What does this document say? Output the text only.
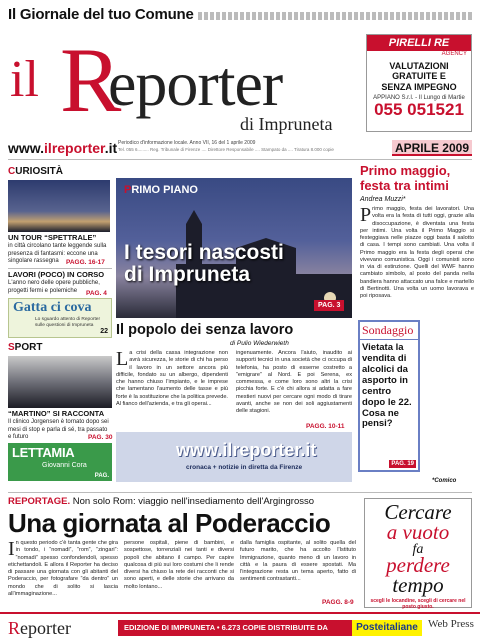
Il Giornale del tuo Comune
il R
eporter
di Impruneta
PIRELLI RE
AGENCY
VALUTAZIONI
GRATUITE E
SENZA IMPEGNO
APPIANO S.r.l. - Il Lungo di Martie
055 051521
www.ilreporter.it Periodico d'informazione locale. Anno VII, 16 del 1 aprile 2009
Tel. 055 6......... Reg. Tribunale di Firenze .... Direttore Responsabile .... Stampato da .... Tiratura 8.000 copie	APRILE 2009
CURIOSITÀ
UN TOUR “SPETTRALE”
in città circolano tante leggende sulla presenza di fantasmi: eccone una singolare rassegna	PAGG. 16-17
LAVORI (POCO) IN CORSO
L'anno nero delle opere pubbliche, progetti fermi e polemiche	PAG. 4
Gatta ci cova
Lo sguardo attento di Reporter sulle questioni di Impruneta
22
SPORT
“MARTINO” SI RACCONTA
Il clinico Jorgensen è tornato dopo sei mesi di stop e parla di sé, tra passato e futuro	PAG. 30
LETTAMIA
Giovanni Cora
PAG.
PRIMO PIANO
I tesori nascosti di Impruneta
PAG. 3
Il popolo dei senza lavoro
di Pulio Wiederwieth
La crisi della cassa integrazione non avrà sicurezza, le storie di chi ha perso il lavoro in un settore ancora più difficile, fondato su un albergo, dipendenti che hanno chiuso l'impianto, e le imprese che lamentano l'aumento delle tasse e più forte è la sostituzione che la politica prevede. Al fianco dell'azienda, e tra gli operai...
ingenuamente. Ancora l'aiuto, inaudito ai supporti tecnici in una società che ci occupa di telefonia, ha posto di esserne costretto a “emigrare” al Nord. E poi Serena, ex commessa, e come loro sono altri la crisi picchia forte. E c'è chi allora si adatta a fare mestieri nuovi per cercare ogni modo di tirare avanti, anche se non dei soli aggiustamenti delle stagioni.
PAGG. 10-11
www.ilreporter.it
cronaca + notizie in diretta da Firenze
Sondaggio
Vietata la vendita di alcolici da asporto in centro dopo le 22. Cosa ne pensi?
PAG. 19
Primo maggio, festa tra intimi
Andrea Muzzi*
Primo maggio, festa dei lavoratori. Una volta era la festa di tutti oggi, grazie alla disoccupazione, è diventata una festa per intimi. Una volta il Primo Maggio si festeggiava nelle piazze oggi basta il salotto di casa. I tempi sono cambiati. Una volta il Primo maggio era la festa degli operai che vivevano comunistica. Oggi i comunisti sono in via di estinzione. Quelli del WWF hanno cambiato simbolo, al posto del panda nella bandiera hanno attaccato una falce e martello di Bertinotti. Una volta un uomo lavorava e poi riposava.
*Comico
REPORTAGE. Non solo Rom: viaggio nell'insediamento dell'Argingrosso
Una giornata al Poderaccio
In questo periodo c'è tanta gente che gira in tondo, i “nomadi”, “rom”, “zingari”: “nomadi” spesso confondendoli, spesso etichettandoli. E allora il Reporter ha deciso di passare una giornata con gli abitanti del Poderaccio, per fotografare “da dentro” un mondo che di solito si lascia all'immaginazione...
persone ospitali, piene di bambini, e sospettose, torrenziali nei tanti e diversi popoli che abitano il campo. Per capire qualcosa di più sui loro costumi che li rende diversi ha chiuso la rete dei racconti che si sono aperti, e delle storie che arrivano da molto lontano...
dalla famiglia ospitante, al solito quella del futuro marito, che ha accolto l'Istituto Immigrazione, quanto meno di un lavoro in città e la paura di essere spostati. Ma l'integrazione resta un tema aperto, fatto di sentimenti contrastanti...
PAGG. 8-9
Cercare
a vuoto
fa
perdere
tempo
scegli le locandine, scegli di cercare nel posto giusto.
Reporter	EDIZIONE DI IMPRUNETA • 6.273 COPIE DISTRIBUITE DA	Posteitaliane Web Press
